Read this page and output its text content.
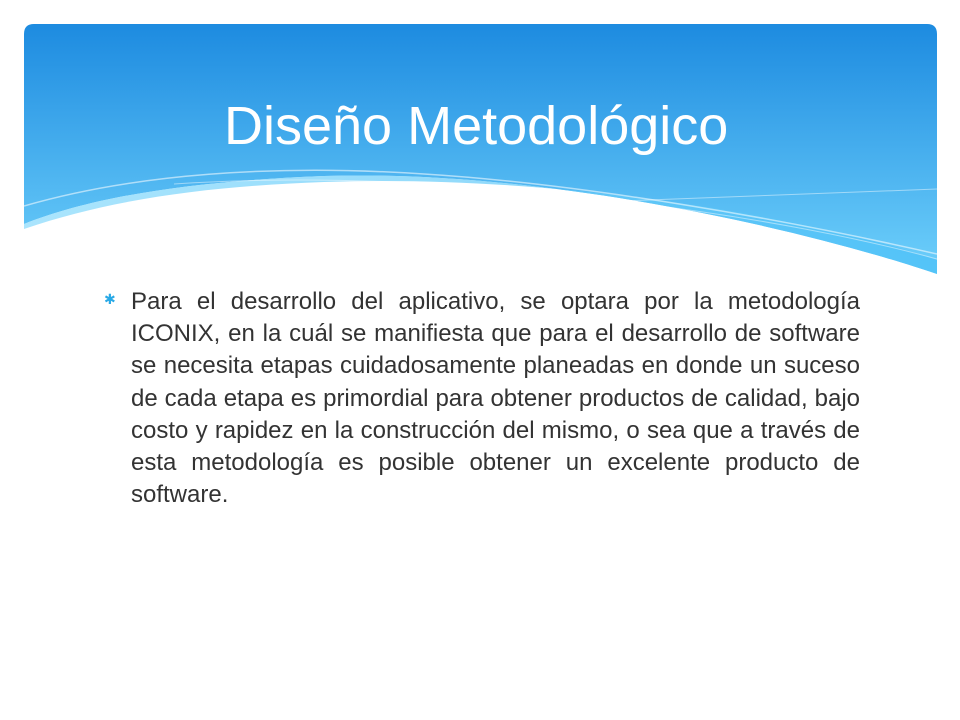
Diseño Metodológico
✱ Para el desarrollo del aplicativo, se optara por la metodología ICONIX, en la cuál se manifiesta que para el desarrollo de software se necesita etapas cuidadosamente planeadas en donde un suceso de cada etapa es primordial para obtener productos de calidad, bajo costo y rapidez en la construcción del mismo, o sea que a través de esta metodología es posible obtener un excelente producto de software.
